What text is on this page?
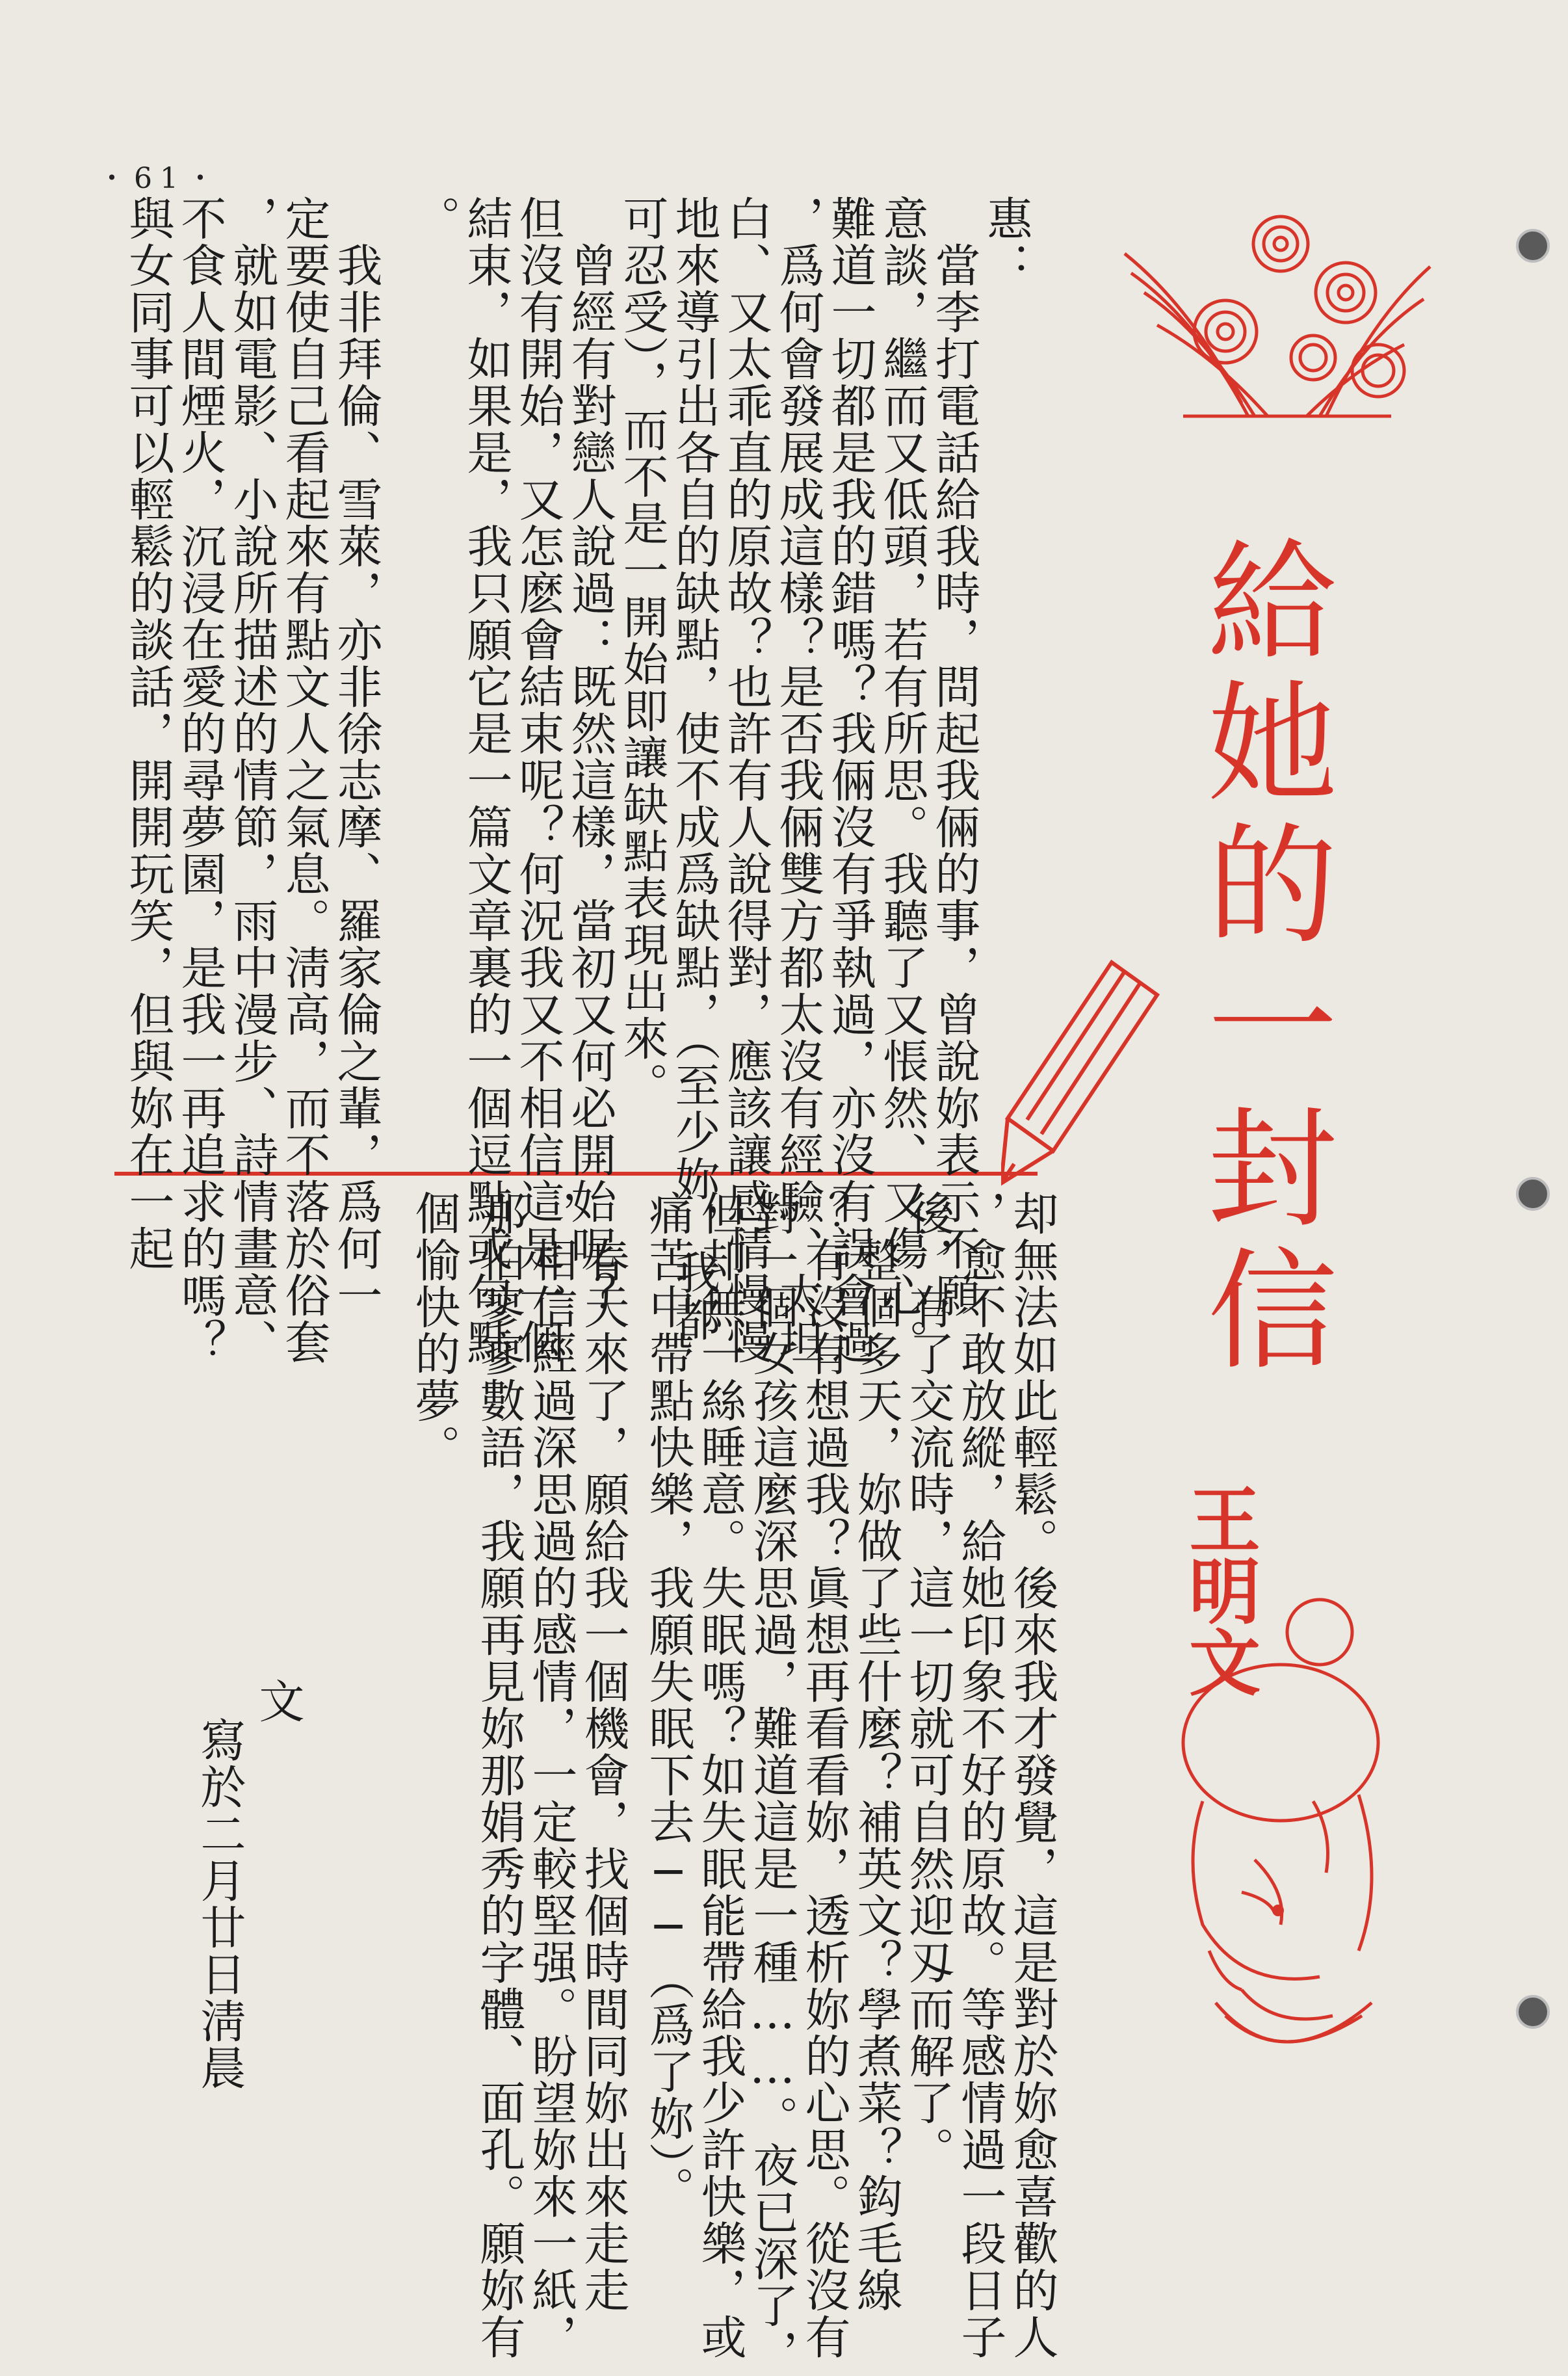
・61・
給她的一封信
惠：
　當李打電話給我時，問起我倆的事，曾說妳表示不願
意談，繼而又低頭，若有所思。我聽了又悵然、又傷心。
難道一切都是我的錯嗎？我倆沒有爭執過，亦沒有誤會過
，爲何會發展成這樣？是否我倆雙方都太沒有經驗、太坦
白、又太乖直的原故？也許有人說得對，應該讓感情慢慢
地來導引出各自的缺點，使不成爲缺點，（至少妳，我都
可忍受），而不是一開始即讓缺點表現出來。
　曾經有對戀人說過：既然這樣，當初又何必開始呢？
但沒有開始，又怎麽會結束呢？何況我又不相信這是一個
結束，如果是，我只願它是一篇文章裏的一個逗點或句點
。
　我非拜倫、雪萊，亦非徐志摩、羅家倫之輩，爲何一
定要使自己看起來有點文人之氣息。淸高，而不落於俗套
，就如電影、小說所描述的情節，雨中漫步、詩情畫意、
不食人間煙火，沉浸在愛的尋夢園，是我一再追求的嗎？
與女同事可以輕鬆的談話，開開玩笑，但與妳在一起
却無法如此輕鬆。後來我才發覺，這是對於妳愈喜歡的人
，愈不敢放縱，給她印象不好的原故。等感情過一段日子
後，有了交流時，這一切就可自然迎刄而解了。
　整個多天，妳做了些什麼？補英文？學煮菜？鈎毛線
？有沒有想過我？眞想再看看妳，透析妳的心思。從沒有
對一個女孩這麼深思過，難道這是一種……。夜已深了，
但却無一絲睡意。失眠嗎？如失眠能帶給我少許快樂，或
痛苦中帶點快樂，我願失眠下去──（爲了妳）。
　春天來了，願給我一個機會，找個時間同妳出來走走
，相信經過深思過的感情，一定較堅强。盼望妳來一紙，
那怕寥寥數語，我願再見妳那娟秀的字體、面孔。願妳有
個愉快的夢。
文
寫於二月廿日淸晨
王明文
